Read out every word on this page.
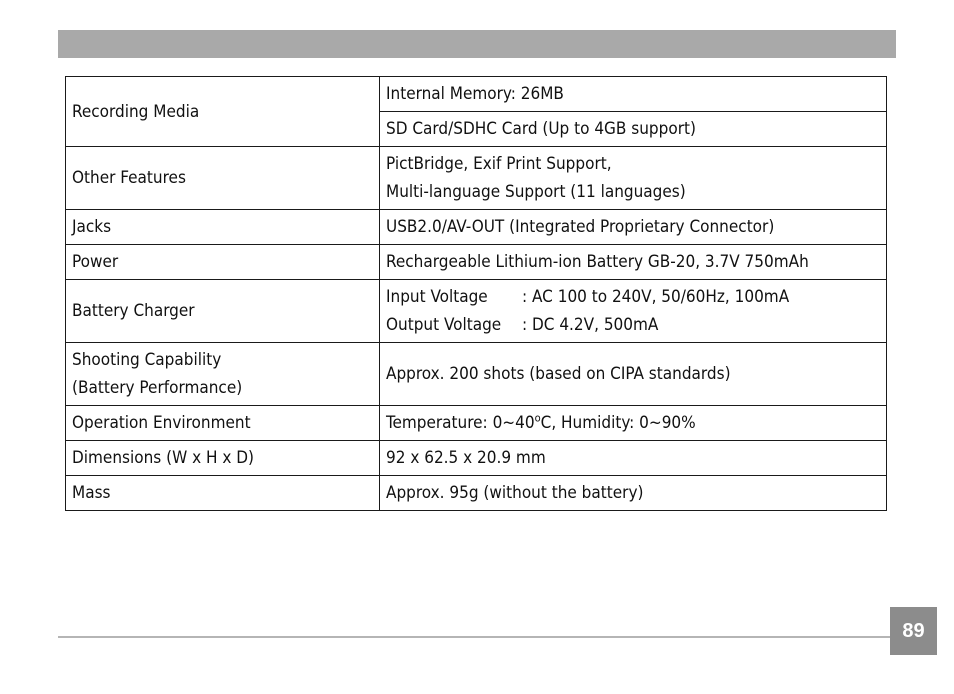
Recording Media	Internal Memory: 26MB
	SD Card/SDHC Card (Up to 4GB support)
Other Features	PictBridge, Exif Print Support,
Multi-language Support (11 languages)

Jacks	USB2.0/AV-OUT (Integrated Proprietary Connector)
Power	Rechargeable Lithium-ion Battery GB-20, 3.7V 750mAh
Battery Charger	Input Voltage : AC 100 to 240V, 50/60Hz, 100mA
Output Voltage : DC 4.2V, 500mA

Shooting Capability
(Battery Performance)	Approx. 200 shots (based on CIPA standards)
Operation Environment	Temperature: 0~40$^o$C, Humidity: 0~90%
Dimensions (W x H x D)	92 x 62.5 x 20.9 mm
Mass	Approx. 95g (without the battery)
89
